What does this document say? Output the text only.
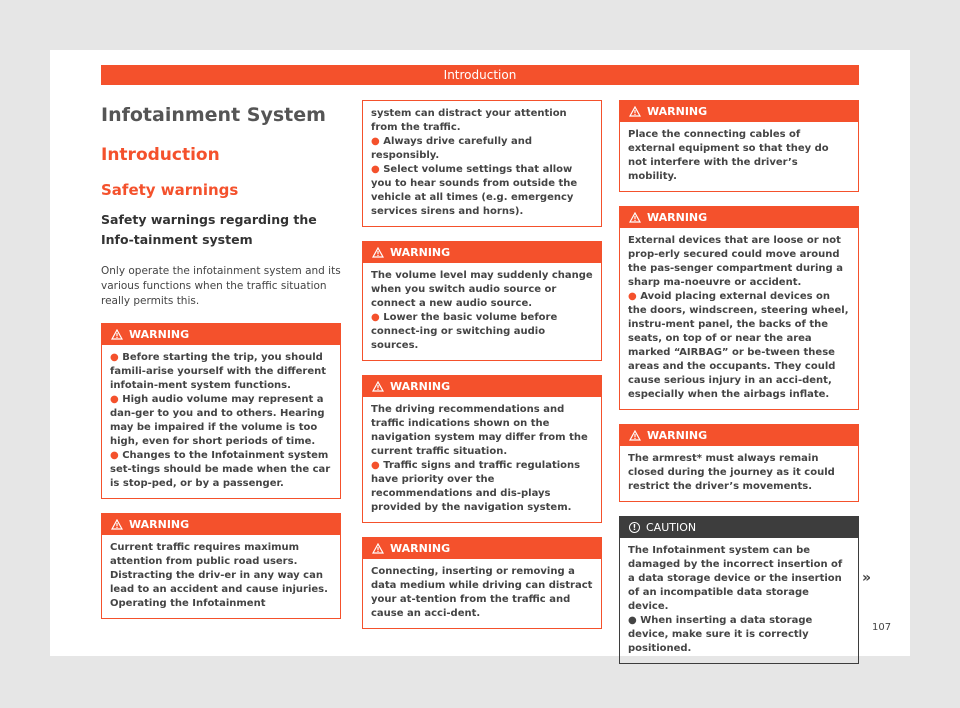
Introduction
Infotainment System
Introduction
Safety warnings
Safety warnings regarding the Info-tainment system
Only operate the infotainment system and its various functions when the traffic situation really permits this.
WARNING

● Before starting the trip, you should famili-arise yourself with the different infotain-ment system functions.

● High audio volume may represent a dan-ger to you and to others. Hearing may be impaired if the volume is too high, even for short periods of time.

● Changes to the Infotainment system set-tings should be made when the car is stop-ped, or by a passenger.

WARNING

Current traffic requires maximum attention from public road users. Distracting the driv-er in any way can lead to an accident and cause injuries. Operating the Infotainment

system can distract your attention from the traffic.

● Always drive carefully and responsibly.

● Select volume settings that allow you to hear sounds from outside the vehicle at all times (e.g. emergency services sirens and horns).

WARNING

The volume level may suddenly change when you switch audio source or connect a new audio source.

● Lower the basic volume before connect-ing or switching audio sources.

WARNING

The driving recommendations and traffic indications shown on the navigation system may differ from the current traffic situation.

● Traffic signs and traffic regulations have priority over the recommendations and dis-plays provided by the navigation system.

WARNING

Connecting, inserting or removing a data medium while driving can distract your at-tention from the traffic and cause an acci-dent.

WARNING

Place the connecting cables of external equipment so that they do not interfere with the driver’s mobility.

WARNING

External devices that are loose or not prop-erly secured could move around the pas-senger compartment during a sharp ma-noeuvre or accident.

● Avoid placing external devices on the doors, windscreen, steering wheel, instru-ment panel, the backs of the seats, on top of or near the area marked “AIRBAG” or be-tween these areas and the occupants. They could cause serious injury in an acci-dent, especially when the airbags inflate.

WARNING

The armrest* must always remain closed during the journey as it could restrict the driver’s movements.

! CAUTION

The Infotainment system can be damaged by the incorrect insertion of a data storage device or the insertion of an incompatible data storage device.

● When inserting a data storage device, make sure it is correctly positioned.

»
107
